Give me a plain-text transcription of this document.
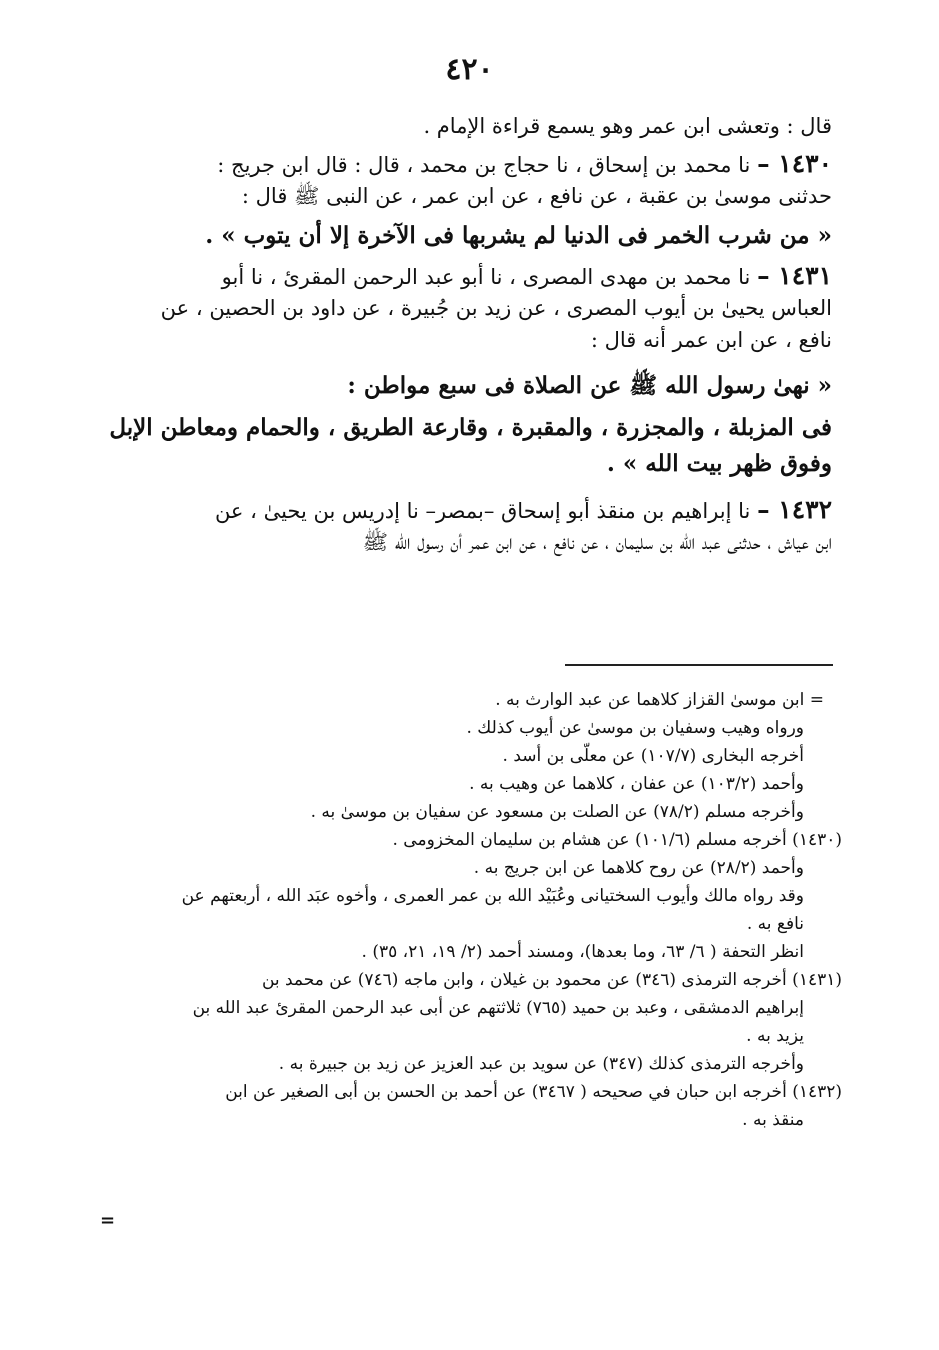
٤٢٠
قال : وتعشى ابن عمر وهو يسمع قراءة الإمام .
١٤٣٠ – نا محمد بن إسحاق ، نا حجاج بن محمد ، قال : قال ابن جريج :
حدثنى موسىٰ بن عقبة ، عن نافع ، عن ابن عمر ، عن النبى ﷺ قال :
« من شرب الخمر فى الدنيا لم يشربها فى الآخرة إلا أن يتوب » .
١٤٣١ – نا محمد بن مهدى المصرى ، نا أبو عبد الرحمن المقرئ ، نا أبو
العباس يحيىٰ بن أيوب المصرى ، عن زيد بن جُبيرة ، عن داود بن الحصين ، عن
نافع ، عن ابن عمر أنه قال :
« نهىٰ رسول الله ﷺ عن الصلاة فى سبع مواطن :
فى المزبلة ، والمجزرة ، والمقبرة ، وقارعة الطريق ، والحمام ومعاطن الإبل
وفوق ظهر بيت الله » .
١٤٣٢ – نا إبراهيم بن منقذ أبو إسحاق –بمصر– نا إدريس بن يحيىٰ ، عن
ابن عياش ، حدثنى عبد الله بن سليمان ، عن نافع ، عن ابن عمر أن رسول الله ﷺ
= ابن موسىٰ القزاز كلاهما عن عبد الوارث به .
ورواه وهيب وسفيان بن موسىٰ عن أيوب كذلك .
أخرجه البخارى (١٠٧/٧) عن معلّى بن أسد .
وأحمد (١٠٣/٢) عن عفان ، كلاهما عن وهيب به .
وأخرجه مسلم (٧٨/٢) عن الصلت بن مسعود عن سفيان بن موسىٰ به .
(١٤٣٠) أخرجه مسلم (١٠١/٦) عن هشام بن سليمان المخزومى .
وأحمد (٢٨/٢) عن روح كلاهما عن ابن جريج به .
وقد رواه مالك وأيوب السختيانى وعُبَيْد الله بن عمر العمرى ، وأخوه عبَد الله ، أربعتهم عن
نافع به .
انظر التحفة ( ٦/ ٦٣، وما بعدها)، ومسند أحمد (٢/ ١٩، ٢١، ٣٥) .
(١٤٣١) أخرجه الترمذى (٣٤٦) عن محمود بن غيلان ، وابن ماجه (٧٤٦) عن محمد بن
إبراهيم الدمشقى ، وعبد بن حميد (٧٦٥) ثلاثتهم عن أبى عبد الرحمن المقرئ عبد الله بن
يزيد به .
وأخرجه الترمذى كذلك (٣٤٧) عن سويد بن عبد العزيز عن زيد بن جبيرة به .
(١٤٣٢) أخرجه ابن حبان في صحيحه ( ٣٤٦٧) عن أحمد بن الحسن بن أبى الصغير عن ابن
منقذ به .
=
